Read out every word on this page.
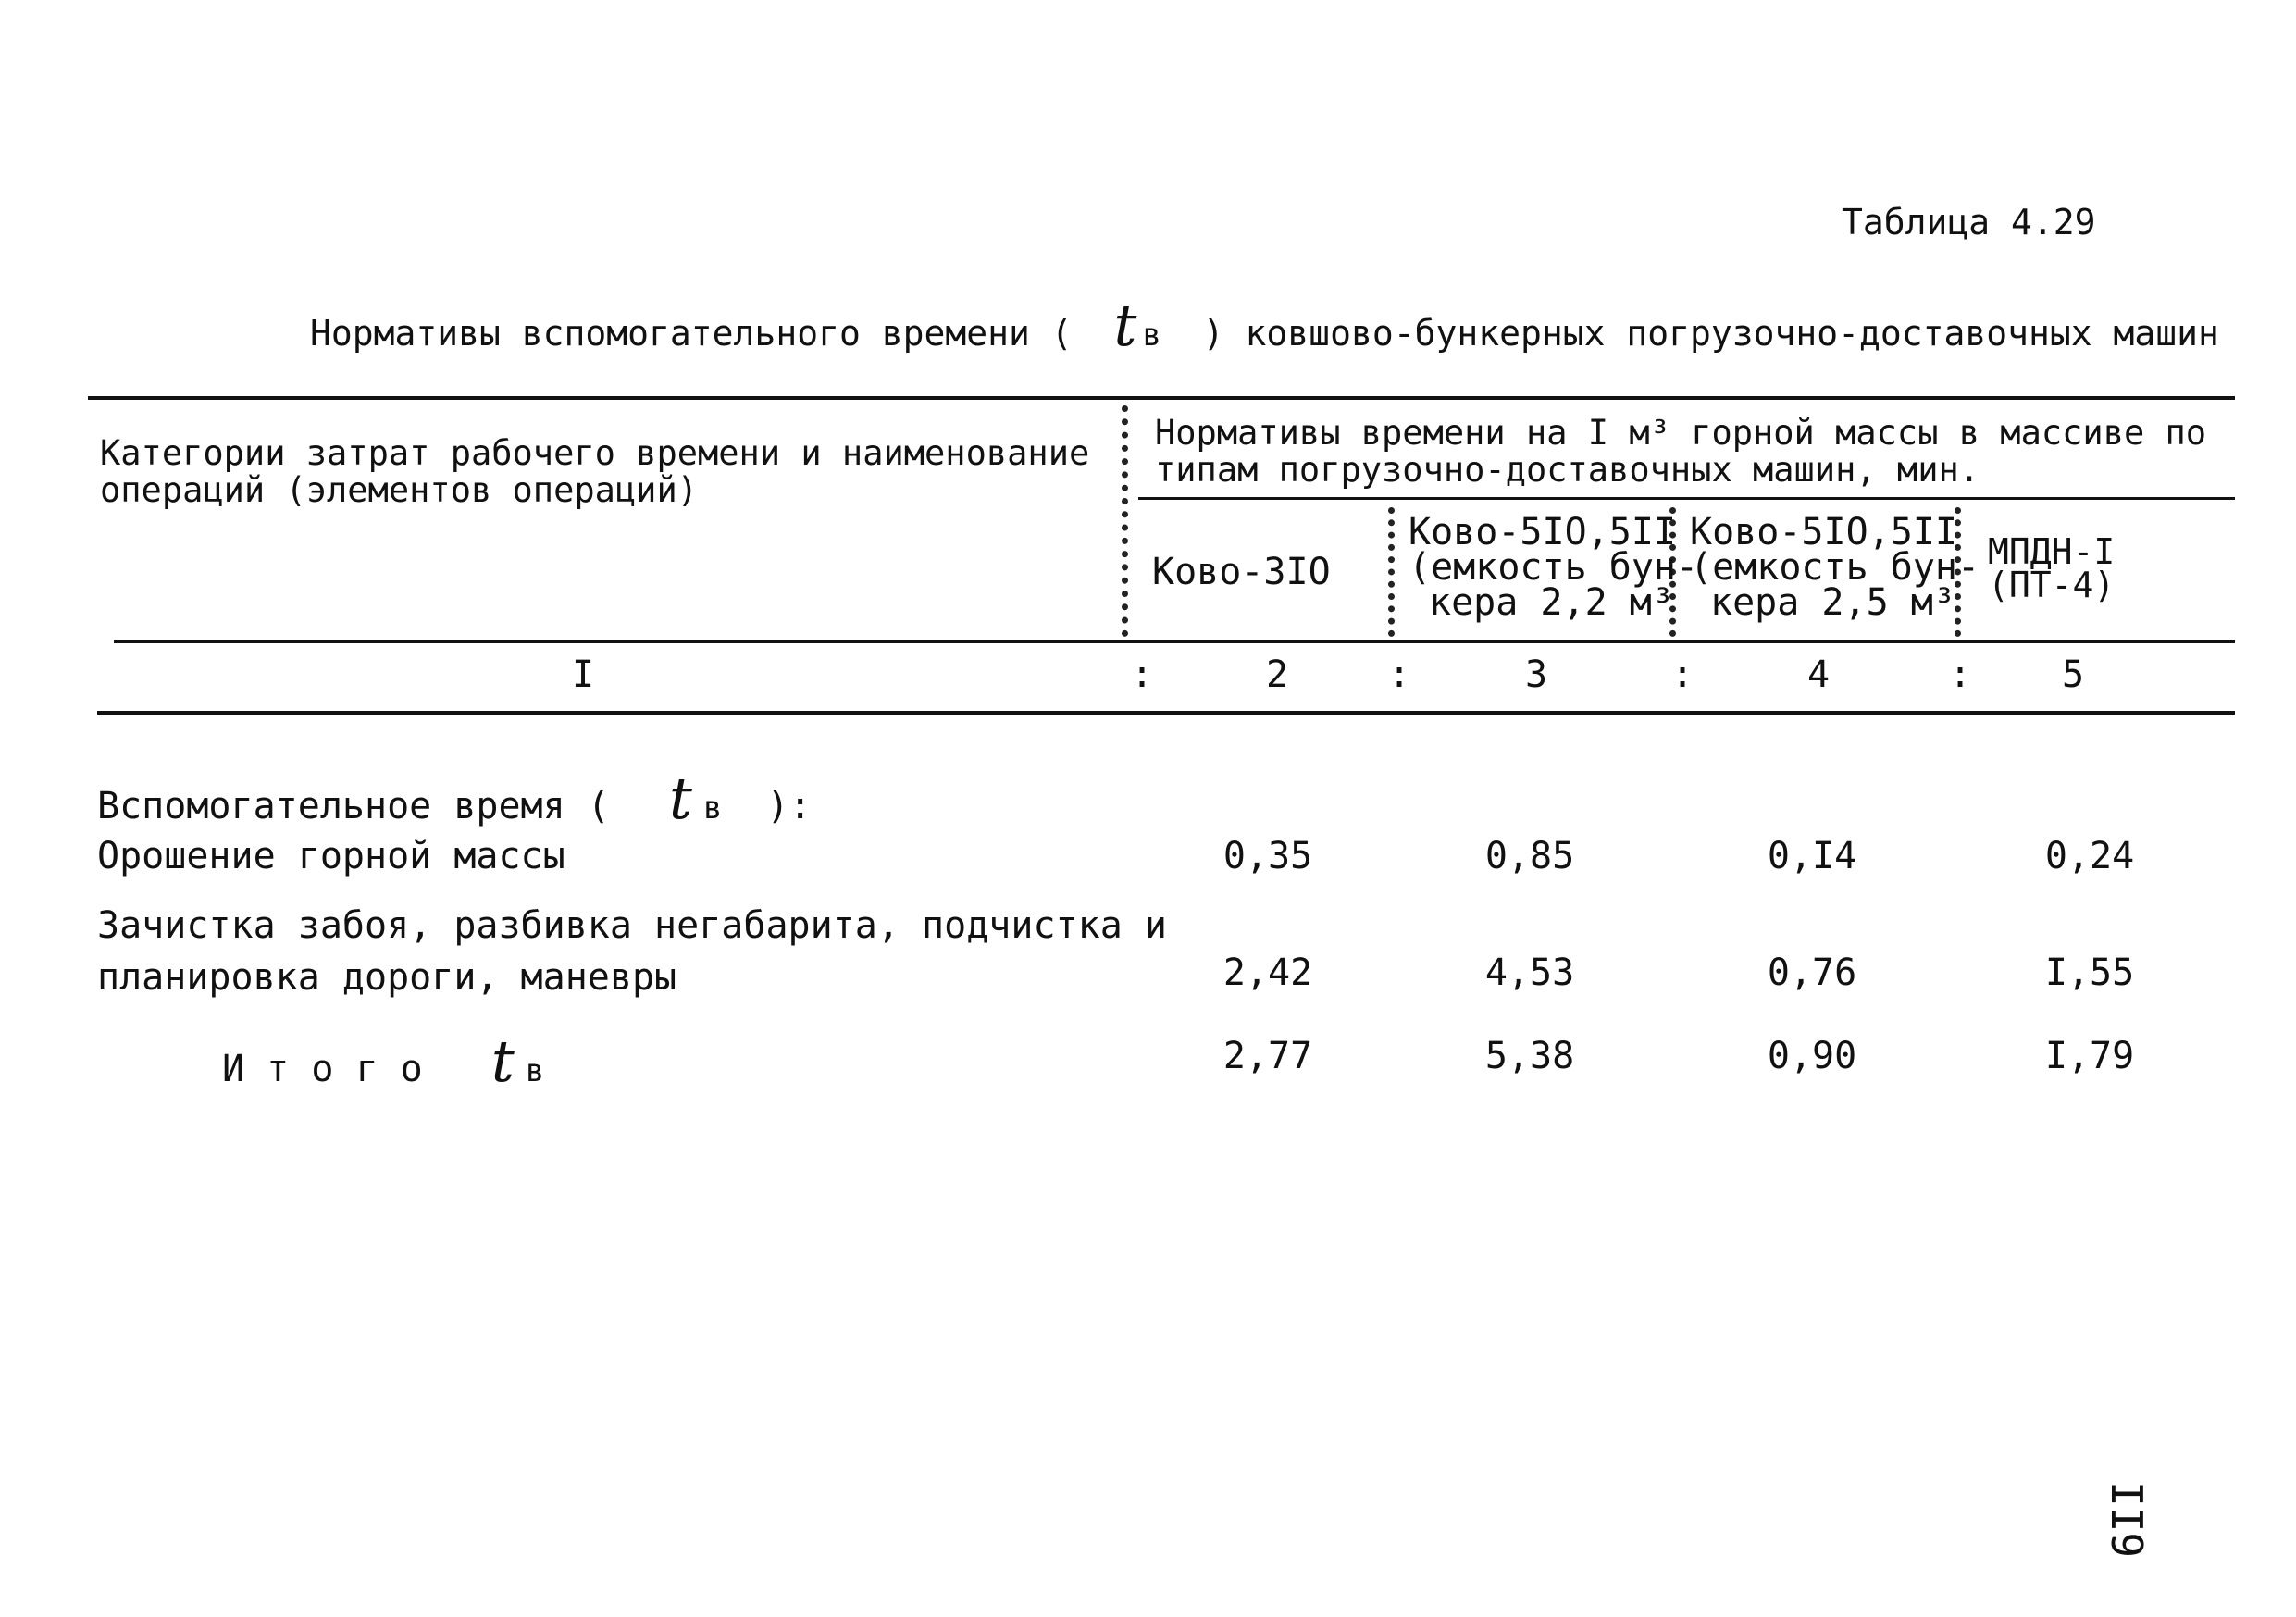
Таблица 4.29
Нормативы вспомогательного времени ( t в ) ковшово-бункерных погрузочно-доставочных машин
Категории затрат рабочего времени и наименование
операций (элементов операций)
Нормативы времени на I м³ горной массы в массиве по
типам погрузочно-доставочных машин, мин.
Ково-3IО
Ково-5IО,5II
(емкость бун-
кера 2,2 м³
Ково-5IО,5II
(емкость бун-
кера 2,5 м³
МПДН-I
(ПТ-4)
I	:	2	:	3	:	4	:	5
Вспомогательное время ( t в ):
Орошение горной массы	0,35	0,85	0,I4	0,24
Зачистка забоя, разбивка негабарита, подчистка и
планировка дороги, маневры	2,42	4,53	0,76	I,55
И т о г о t в	2,77	5,38	0,90	I,79
II9
